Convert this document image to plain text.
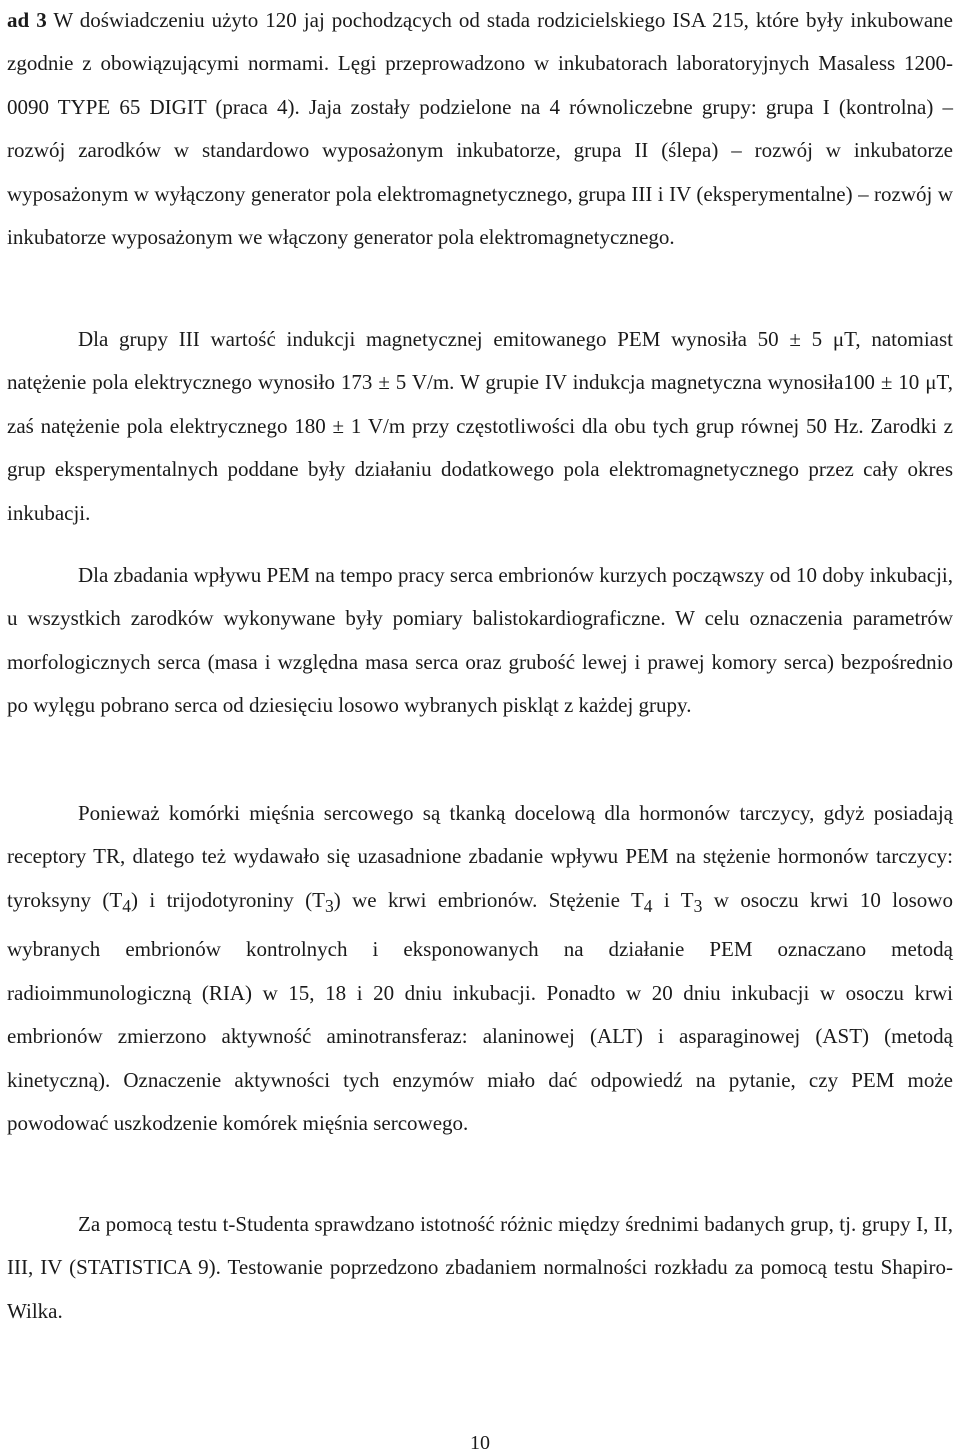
ad 3 W doświadczeniu użyto 120 jaj pochodzących od stada rodzicielskiego ISA 215, które były inkubowane zgodnie z obowiązującymi normami. Lęgi przeprowadzono w inkubatorach laboratoryjnych Masaless 1200-0090 TYPE 65 DIGIT (praca 4). Jaja zostały podzielone na 4 równoliczebne grupy: grupa I (kontrolna) – rozwój zarodków w standardowo wyposażonym inkubatorze, grupa II (ślepa) – rozwój w inkubatorze wyposażonym w wyłączony generator pola elektromagnetycznego, grupa III i IV (eksperymentalne) – rozwój w inkubatorze wyposażonym we włączony generator pola elektromagnetycznego.

Dla grupy III wartość indukcji magnetycznej emitowanego PEM wynosiła 50 ± 5 μT, natomiast natężenie pola elektrycznego wynosiło 173 ± 5 V/m. W grupie IV indukcja magnetyczna wynosiła100 ± 10 μT, zaś natężenie pola elektrycznego 180 ± 1 V/m przy częstotliwości dla obu tych grup równej 50 Hz. Zarodki z grup eksperymentalnych poddane były działaniu dodatkowego pola elektromagnetycznego przez cały okres inkubacji.

Dla zbadania wpływu PEM na tempo pracy serca embrionów kurzych począwszy od 10 doby inkubacji, u wszystkich zarodków wykonywane były pomiary balistokardiograficzne. W celu oznaczenia parametrów morfologicznych serca (masa i względna masa serca oraz grubość lewej i prawej komory serca) bezpośrednio po wylęgu pobrano serca od dziesięciu losowo wybranych piskląt z każdej grupy.

Ponieważ komórki mięśnia sercowego są tkanką docelową dla hormonów tarczycy, gdyż posiadają receptory TR, dlatego też wydawało się uzasadnione zbadanie wpływu PEM na stężenie hormonów tarczycy: tyroksyny $(T_4)$ i trijodotyroniny $(T_3)$ we krwi embrionów. Stężenie $T_4$ i $T_3$ w osoczu krwi 10 losowo wybranych embrionów kontrolnych i eksponowanych na działanie PEM oznaczano metodą radioimmunologiczną (RIA) w 15, 18 i 20 dniu inkubacji. Ponadto w 20 dniu inkubacji w osoczu krwi embrionów zmierzono aktywność aminotransferaz: alaninowej (ALT) i asparaginowej (AST) (metodą kinetyczną). Oznaczenie aktywności tych enzymów miało dać odpowiedź na pytanie, czy PEM może powodować uszkodzenie komórek mięśnia sercowego.

Za pomocą testu t-Studenta sprawdzano istotność różnic między średnimi badanych grup, tj. grupy I, II, III, IV (STATISTICA 9). Testowanie poprzedzono zbadaniem normalności rozkładu za pomocą testu Shapiro-Wilka.

10
